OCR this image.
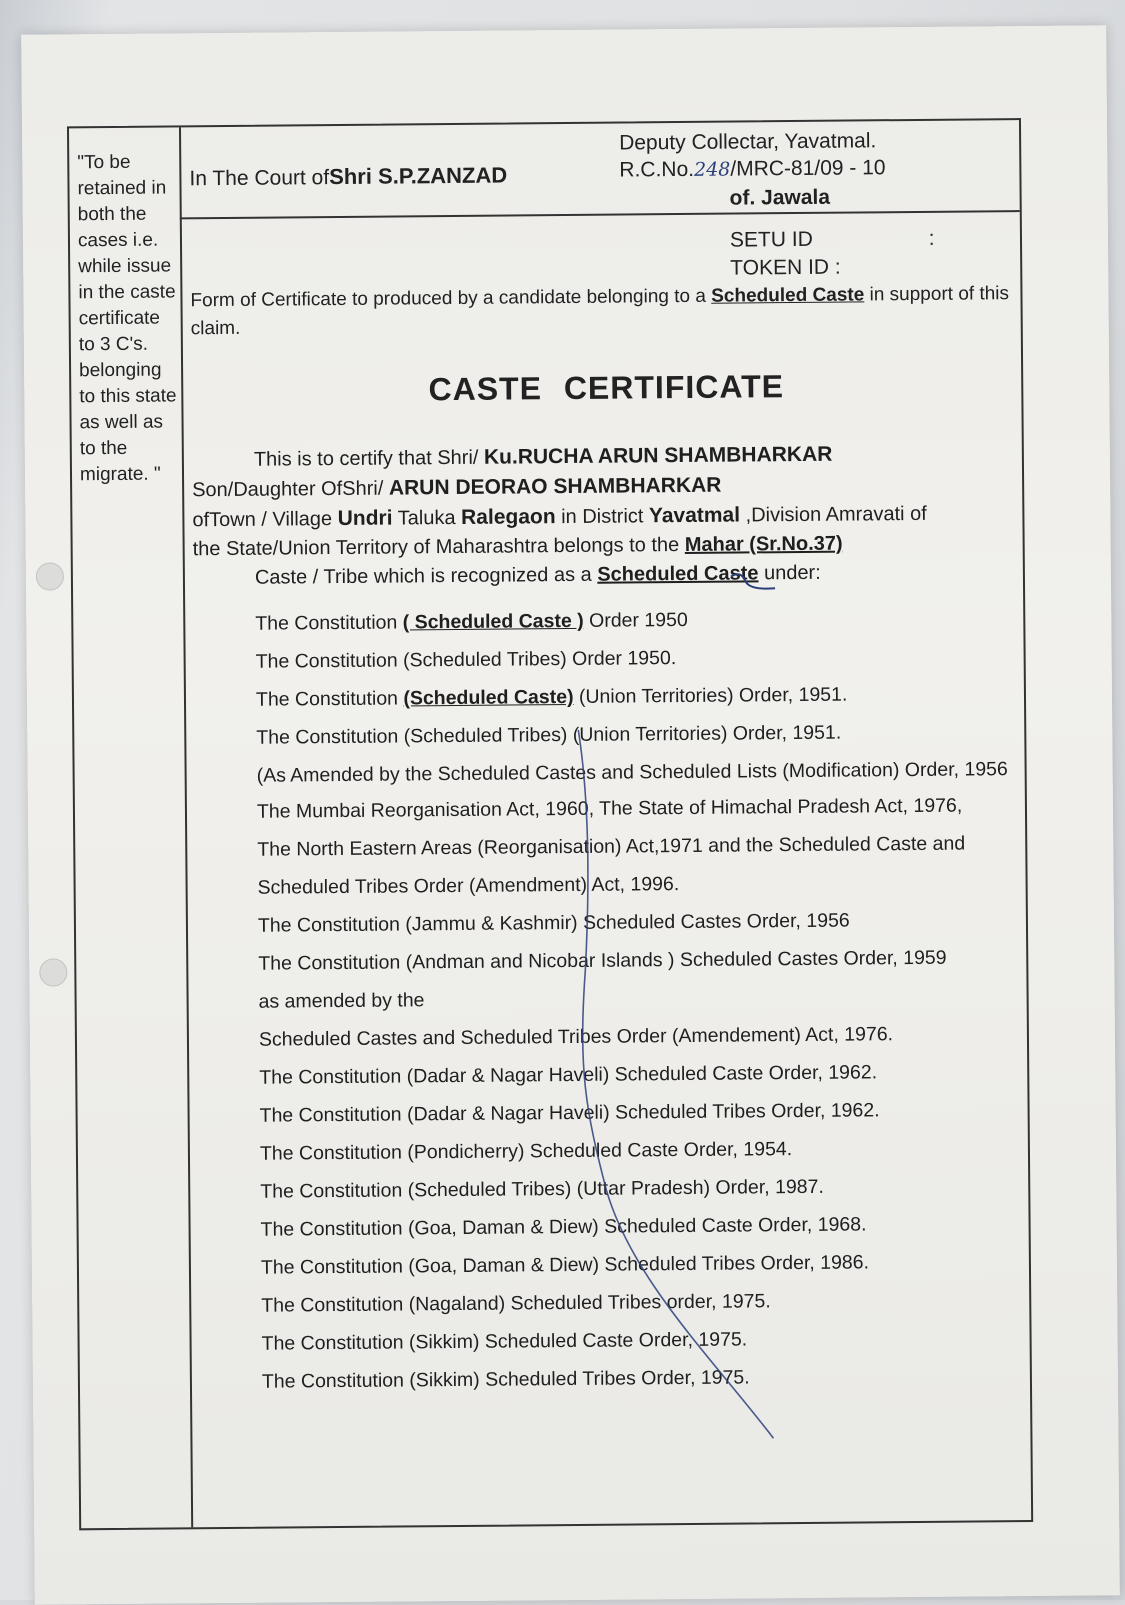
"To be retained in both the cases i.e. while issue in the caste certificate to 3 C's. belonging to this state as well as to the migrate. "
In The Court ofShri S.P.ZANZAD
Deputy Collectar, Yavatmal.
R.C.No.248/MRC-81/09 - 10
of. Jawala
SETU ID	:
TOKEN ID :
Form of Certificate to produced by a candidate belonging to a Scheduled Caste in support of this claim.
CASTE CERTIFICATE
This is to certify that Shri/ Ku.RUCHA ARUN SHAMBHARKAR
Son/Daughter OfShri/ ARUN DEORAO SHAMBHARKAR
ofTown / Village Undri Taluka Ralegaon in District Yavatmal ,Division Amravati of
the State/Union Territory of Maharashtra belongs to the Mahar (Sr.No.37)
Caste / Tribe which is recognized as a Scheduled Caste under:
The Constitution ( Scheduled Caste ) Order 1950
The Constitution (Scheduled Tribes) Order 1950.
The Constitution (Scheduled Caste) (Union Territories) Order, 1951.
The Constitution (Scheduled Tribes) (Union Territories) Order, 1951.
(As Amended by the Scheduled Castes and Scheduled Lists (Modification) Order, 1956
The Mumbai Reorganisation Act, 1960, The State of Himachal Pradesh Act, 1976,
The North Eastern Areas (Reorganisation) Act,1971 and the Scheduled Caste and
Scheduled Tribes Order (Amendment) Act, 1996.
The Constitution (Jammu & Kashmir) Scheduled Castes Order, 1956
The Constitution (Andman and Nicobar Islands ) Scheduled Castes Order, 1959
as amended by the
Scheduled Castes and Scheduled Tribes Order (Amendement) Act, 1976.
The Constitution (Dadar & Nagar Haveli) Scheduled Caste Order, 1962.
The Constitution (Dadar & Nagar Haveli) Scheduled Tribes Order, 1962.
The Constitution (Pondicherry) Scheduled Caste Order, 1954.
The Constitution (Scheduled Tribes) (Uttar Pradesh) Order, 1987.
The Constitution (Goa, Daman & Diew) Scheduled Caste Order, 1968.
The Constitution (Goa, Daman & Diew) Scheduled Tribes Order, 1986.
The Constitution (Nagaland) Scheduled Tribes order, 1975.
The Constitution (Sikkim) Scheduled Caste Order, 1975.
The Constitution (Sikkim) Scheduled Tribes Order, 1975.
